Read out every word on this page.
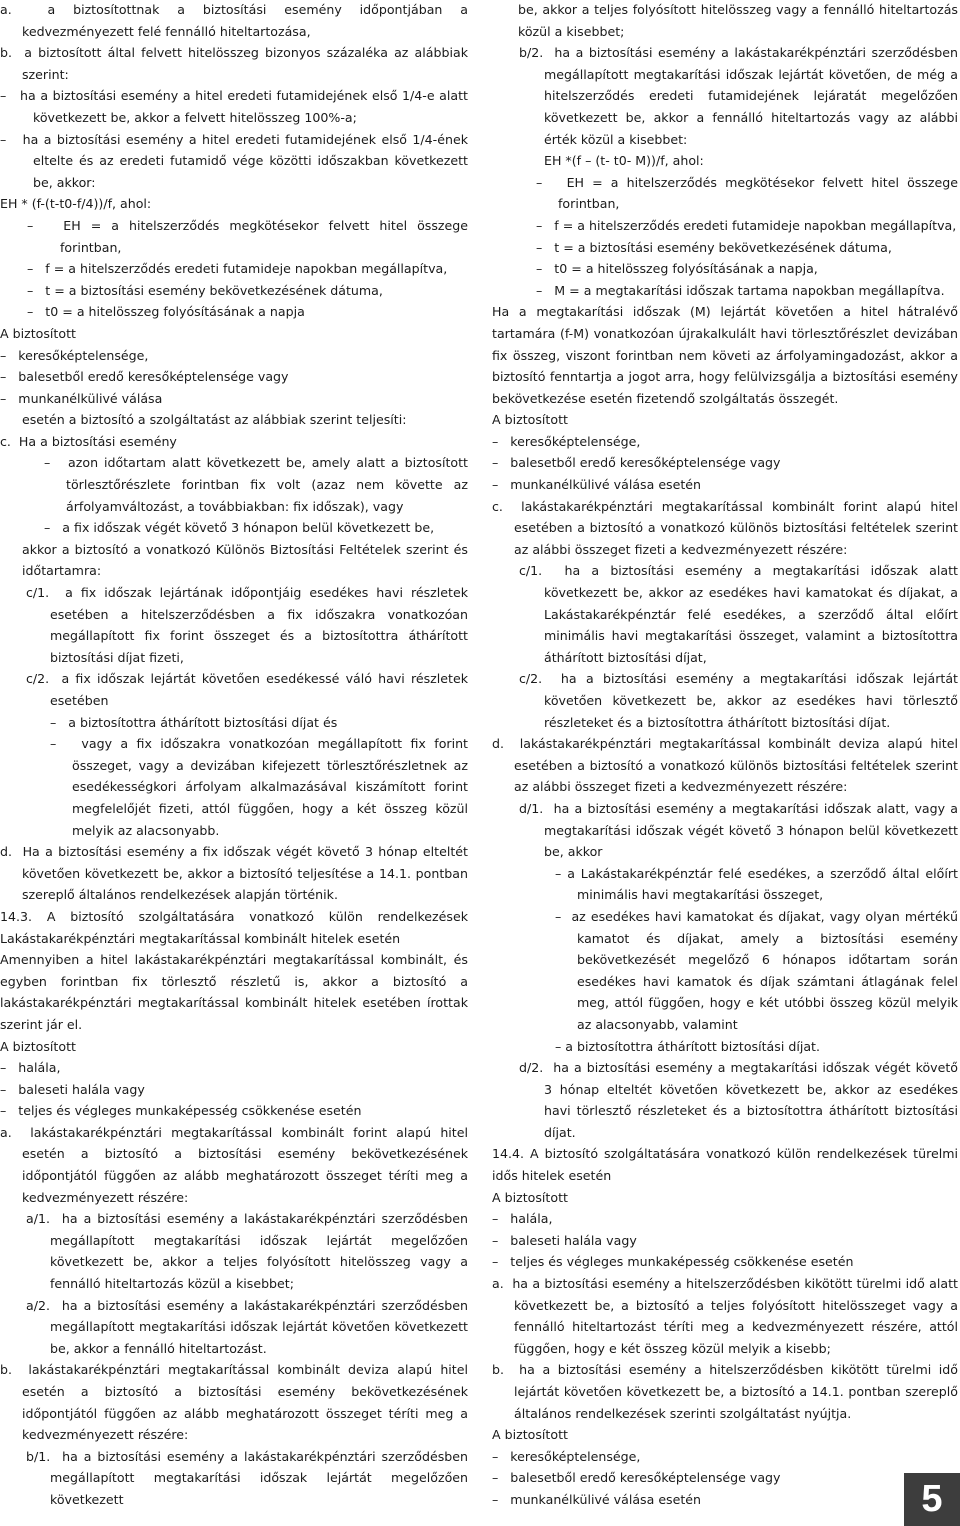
a.  a biztosítottnak a biztosítási esemény időpontjában a kedvezményezett felé fennálló hiteltartozása,

b.  a biztosított által felvett hitelösszeg bizonyos százaléka az alábbiak szerint:

–   ha a biztosítási esemény a hitel eredeti futamidejének első 1/4-e alatt következett be, akkor a felvett hitelösszeg 100%-a;

–   ha a biztosítási esemény a hitel eredeti futamidejének első 1/4-ének eltelte és az eredeti futamidő vége közötti időszakban következett be, akkor:

EH * (f-(t-t0-f/4))/f, ahol:

–   EH = a hitelszerződés megkötésekor felvett hitel összege forintban,

–   f = a hitelszerződés eredeti futamideje napokban megállapítva,

–   t = a biztosítási esemény bekövetkezésének dátuma,

–   t0 = a hitelösszeg folyósításának a napja

A biztosított

–   keresőképtelensége,

–   balesetből eredő keresőképtelensége vagy

–   munkanélkülivé válása

esetén a biztosító a szolgáltatást az alábbiak szerint teljesíti:

c.  Ha a biztosítási esemény

–   azon időtartam alatt következett be, amely alatt a biztosított törlesztőrészlete forintban fix volt (azaz nem követte az árfolyamváltozást, a továbbiakban: fix időszak), vagy

–   a fix időszak végét követő 3 hónapon belül következett be,

akkor a biztosító a vonatkozó Különös Biztosítási Feltételek szerint és időtartamra:

c/1.  a fix időszak lejártának időpontjáig esedékes havi részletek esetében a hitelszerződésben a fix időszakra vonatkozóan megállapított fix forint összeget és a biztosítottra áthárított biztosítási díjat fizeti,

c/2.  a fix időszak lejártát követően esedékessé váló havi részletek esetében

–   a biztosítottra áthárított biztosítási díjat és

–   vagy a fix időszakra vonatkozóan megállapított fix forint összeget, vagy a devizában kifejezett törlesztőrészletnek az esedékességkori árfolyam alkalmazásával kiszámított forint megfelelőjét fizeti, attól függően, hogy a két összeg közül melyik az alacsonyabb.

d.  Ha a biztosítási esemény a fix időszak végét követő 3 hónap elteltét követően következett be, akkor a biztosító teljesítése a 14.1. pontban szereplő általános rendelkezések alapján történik.

14.3. A biztosító szolgáltatására vonatkozó külön rendelkezések Lakástakarékpénztári megtakarítással kombinált hitelek esetén

Amennyiben a hitel lakástakarékpénztári megtakarítással kombinált, és egyben forintban fix törlesztő részletű is, akkor a biztosító a lakástakarékpénztári megtakarítással kombinált hitelek esetében írottak szerint jár el.

A biztosított

–   halála,

–   baleseti halála vagy

–   teljes és végleges munkaképesség csökkenése esetén

a.  lakástakarékpénztári megtakarítással kombinált forint alapú hitel esetén a biztosító a biztosítási esemény bekövetkezésének időpontjától függően az alább meghatározott összeget téríti meg a kedvezményezett részére:

a/1.  ha a biztosítási esemény a lakástakarékpénztári szerződésben megállapított megtakarítási időszak lejártát megelőzően következett be, akkor a teljes folyósított hitelösszeg vagy a fennálló hiteltartozás közül a kisebbet;

a/2.  ha a biztosítási esemény a lakástakarékpénztári szerződésben megállapított megtakarítási időszak lejártát követően következett be, akkor a fennálló hiteltartozást.

b.  lakástakarékpénztári megtakarítással kombinált deviza alapú hitel esetén a biztosító a biztosítási esemény bekövetkezésének időpontjától függően az alább meghatározott összeget téríti meg a kedvezményezett részére:

b/1.  ha a biztosítási esemény a lakástakarékpénztári szerződésben megállapított megtakarítási időszak lejártát megelőzően következett

be, akkor a teljes folyósított hitelösszeg vagy a fennálló hiteltartozás közül a kisebbet;

b/2.  ha a biztosítási esemény a lakástakarékpénztári szerződésben megállapított megtakarítási időszak lejártát követően, de még a hitelszerződés eredeti futamidejének lejáratát megelőzően következett be, akkor a fennálló hiteltartozás vagy az alábbi érték közül a kisebbet:

EH *(f – (t- t0- M))/f, ahol:

–   EH = a hitelszerződés megkötésekor felvett hitel összege forintban,

–   f = a hitelszerződés eredeti futamideje napokban megállapítva,

–   t = a biztosítási esemény bekövetkezésének dátuma,

–   t0 = a hitelösszeg folyósításának a napja,

–   M = a megtakarítási időszak tartama napokban megállapítva.

Ha a megtakarítási időszak (M) lejártát követően a hitel hátralévő tartamára (f-M) vonatkozóan újrakalkulált havi törlesztőrészlet devizában fix összeg, viszont forintban nem követi az árfolyamingadozást, akkor a biztosító fenntartja a jogot arra, hogy felülvizsgálja a biztosítási esemény bekövetkezése esetén fizetendő szolgáltatás összegét.

A biztosított

–   keresőképtelensége,

–   balesetből eredő keresőképtelensége vagy

–   munkanélkülivé válása esetén

c.  lakástakarékpénztári megtakarítással kombinált forint alapú hitel esetében a biztosító a vonatkozó különös biztosítási feltételek szerint az alábbi összeget fizeti a kedvezményezett részére:

c/1.  ha a biztosítási esemény a megtakarítási időszak alatt következett be, akkor az esedékes havi kamatokat és díjakat, a Lakástakarékpénztár felé esedékes, a szerződő által előírt minimális havi megtakarítási összeget, valamint a biztosítottra áthárított biztosítási díjat,

c/2.  ha a biztosítási esemény a megtakarítási időszak lejártát követően következett be, akkor az esedékes havi törlesztő részleteket és a biztosítottra áthárított biztosítási díjat.

d.  lakástakarékpénztári megtakarítással kombinált deviza alapú hitel esetében a biztosító a vonatkozó különös biztosítási feltételek szerint az alábbi összeget fizeti a kedvezményezett részére:

d/1.  ha a biztosítási esemény a megtakarítási időszak alatt, vagy a megtakarítási időszak végét követő 3 hónapon belül következett be, akkor

– a Lakástakarékpénztár felé esedékes, a szerződő által előírt minimális havi megtakarítási összeget,

–  az esedékes havi kamatokat és díjakat, vagy olyan mértékű kamatot és díjakat, amely a biztosítási esemény bekövetkezését megelőző 6 hónapos időtartam során esedékes havi kamatok és díjak számtani átlagának felel meg, attól függően, hogy e két utóbbi összeg közül melyik az alacsonyabb, valamint

– a biztosítottra áthárított biztosítási díjat.

d/2.  ha a biztosítási esemény a megtakarítási időszak végét követő 3 hónap elteltét követően következett be, akkor az esedékes havi törlesztő részleteket és a biztosítottra áthárított biztosítási díjat.

14.4. A biztosító szolgáltatására vonatkozó külön rendelkezések türelmi idős hitelek esetén

A biztosított

–   halála,

–   baleseti halála vagy

–   teljes és végleges munkaképesség csökkenése esetén

a.  ha a biztosítási esemény a hitelszerződésben kikötött türelmi idő alatt következett be, a biztosító a teljes folyósított hitelösszeget vagy a fennálló hiteltartozást téríti meg a kedvezményezett részére, attól függően, hogy e két összeg közül melyik a kisebb;

b.  ha a biztosítási esemény a hitelszerződésben kikötött türelmi idő lejártát követően következett be, a biztosító a 14.1. pontban szereplő általános rendelkezések szerinti szolgáltatást nyújtja.

A biztosított

–   keresőképtelensége,

–   balesetből eredő keresőképtelensége vagy

–   munkanélkülivé válása esetén	5
